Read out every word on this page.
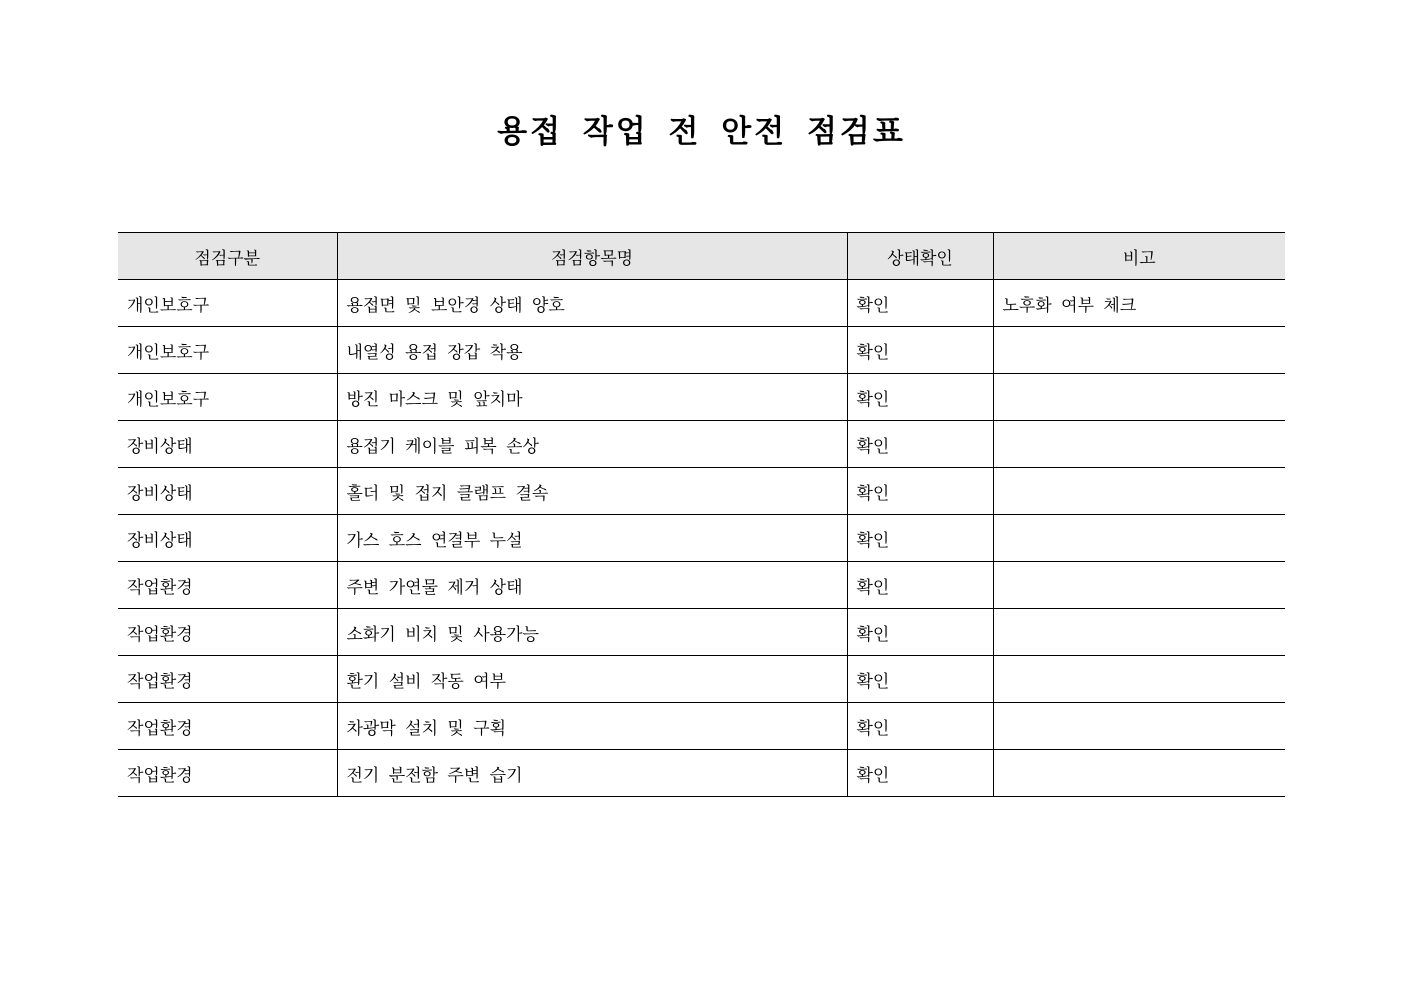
용접 작업 전 안전 점검표
점검구분	점검항목명	상태확인	비고
개인보호구	용접면 및 보안경 상태 양호	확인	노후화 여부 체크
개인보호구	내열성 용접 장갑 착용	확인	
개인보호구	방진 마스크 및 앞치마	확인	
장비상태	용접기 케이블 피복 손상	확인	
장비상태	홀더 및 접지 클램프 결속	확인	
장비상태	가스 호스 연결부 누설	확인	
작업환경	주변 가연물 제거 상태	확인	
작업환경	소화기 비치 및 사용가능	확인	
작업환경	환기 설비 작동 여부	확인	
작업환경	차광막 설치 및 구획	확인	
작업환경	전기 분전함 주변 습기	확인	
